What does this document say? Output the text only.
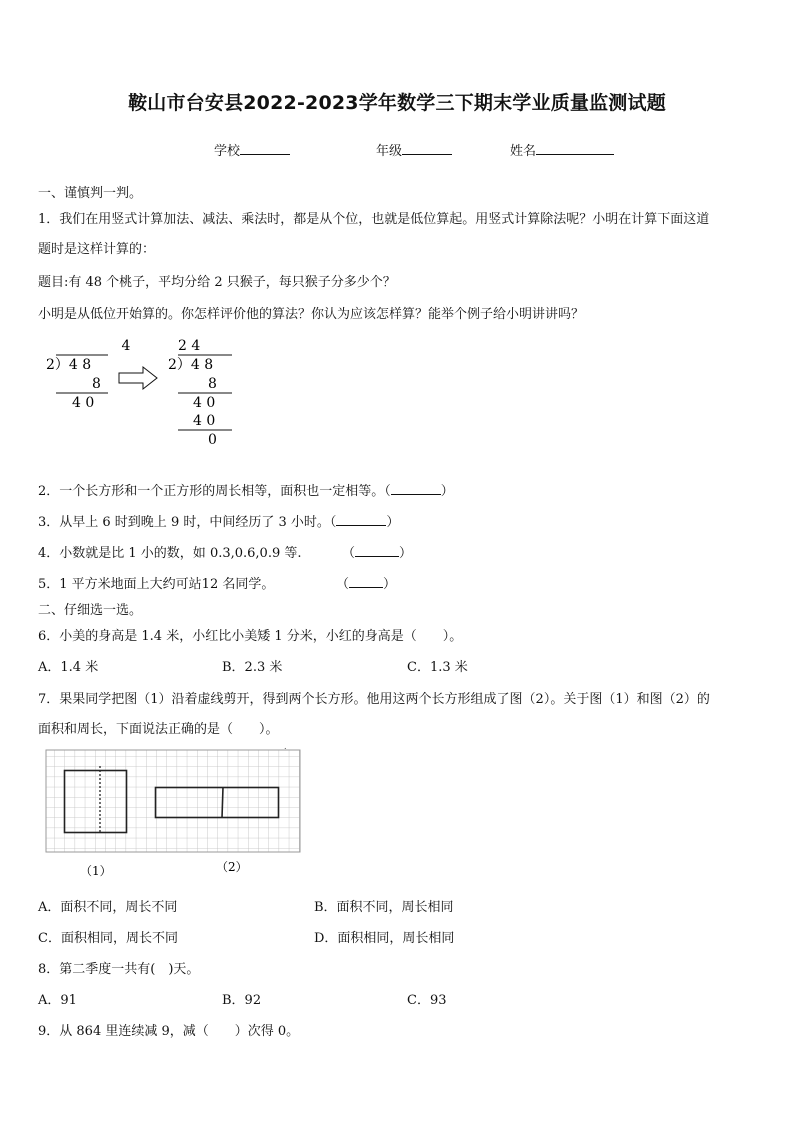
鞍山市台安县2022-2023学年数学三下期末学业质量监测试题
学校	年级	姓名
一、谨慎判一判。
1．我们在用竖式计算加法、减法、乘法时，都是从个位，也就是低位算起。用竖式计算除法呢？小明在计算下面这道
题时是这样计算的：
题目:有 48 个桃子，平均分给 2 只猴子，每只猴子分多少个？
小明是从低位开始算的。你怎样评价他的算法？你认为应该怎样算？能举个例子给小明讲讲吗？
4
2）4 8
8
4 0
2 4
2）4 8
8
4 0
4 0
0
2．一个长方形和一个正方形的周长相等，面积也一定相等。（	）
3．从早上 6 时到晚上 9 时，中间经历了 3 小时。（	）
4．小数就是比 1 小的数，如 0.3,0.6,0.9 等.	（	）
5．1 平方米地面上大约可站12 名同学。	（	）
二、仔细选一选。
6．小美的身高是 1.4 米，小红比小美矮 1 分米，小红的身高是（　　）。
A．1.4 米	B．2.3 米	C．1.3 米
7．果果同学把图（1）沿着虚线剪开，得到两个长方形。他用这两个长方形组成了图（2）。关于图（1）和图（2）的
面积和周长，下面说法正确的是（　　）。
.
（1）	（2）
A．面积不同，周长不同	B．面积不同，周长相同
C．面积相同，周长不同	D．面积相同，周长相同
8．第二季度一共有(　)天。
A．91	B．92	C．93
9．从 864 里连续减 9，减（　　）次得 0。
